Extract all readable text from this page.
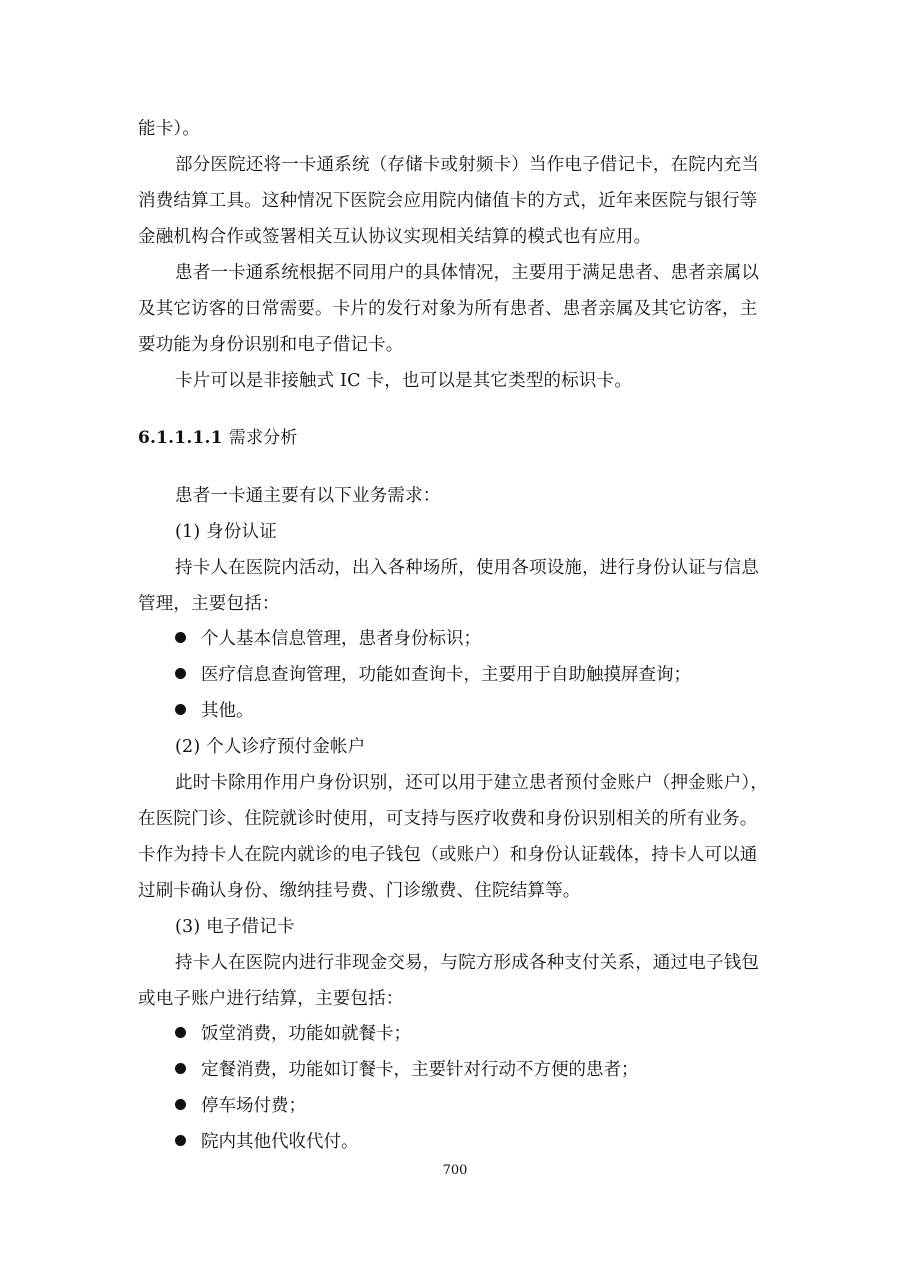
能卡）。
部分医院还将一卡通系统（存储卡或射频卡）当作电子借记卡，在院内充当
消费结算工具。这种情况下医院会应用院内储值卡的方式，近年来医院与银行等
金融机构合作或签署相关互认协议实现相关结算的模式也有应用。
患者一卡通系统根据不同用户的具体情况，主要用于满足患者、患者亲属以
及其它访客的日常需要。卡片的发行对象为所有患者、患者亲属及其它访客，主
要功能为身份识别和电子借记卡。
卡片可以是非接触式 IC 卡，也可以是其它类型的标识卡。
6.1.1.1.1 需求分析
患者一卡通主要有以下业务需求：
(1) 身份认证
持卡人在医院内活动，出入各种场所，使用各项设施，进行身份认证与信息
管理，主要包括：
个人基本信息管理，患者身份标识；
医疗信息查询管理，功能如查询卡，主要用于自助触摸屏查询；
其他。
(2) 个人诊疗预付金帐户
此时卡除用作用户身份识别，还可以用于建立患者预付金账户（押金账户），
在医院门诊、住院就诊时使用，可支持与医疗收费和身份识别相关的所有业务。
卡作为持卡人在院内就诊的电子钱包（或账户）和身份认证载体，持卡人可以通
过刷卡确认身份、缴纳挂号费、门诊缴费、住院结算等。
(3) 电子借记卡
持卡人在医院内进行非现金交易，与院方形成各种支付关系，通过电子钱包
或电子账户进行结算，主要包括：
饭堂消费，功能如就餐卡；
定餐消费，功能如订餐卡，主要针对行动不方便的患者；
停车场付费；
院内其他代收代付。
700
